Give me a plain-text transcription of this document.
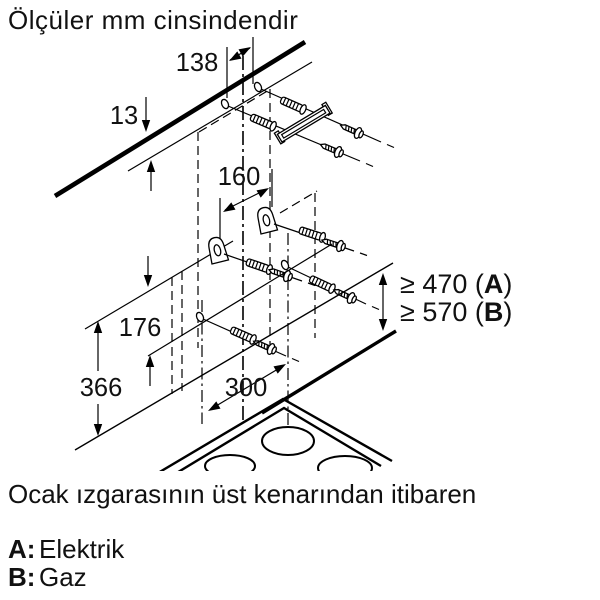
Ölçüler mm cinsindendir
138
13
160
176
366	300
≥ 470 (A)
≥ 570 (B)
Ocak ızgarasının üst kenarından itibaren
A: Elektrik
B: Gaz
